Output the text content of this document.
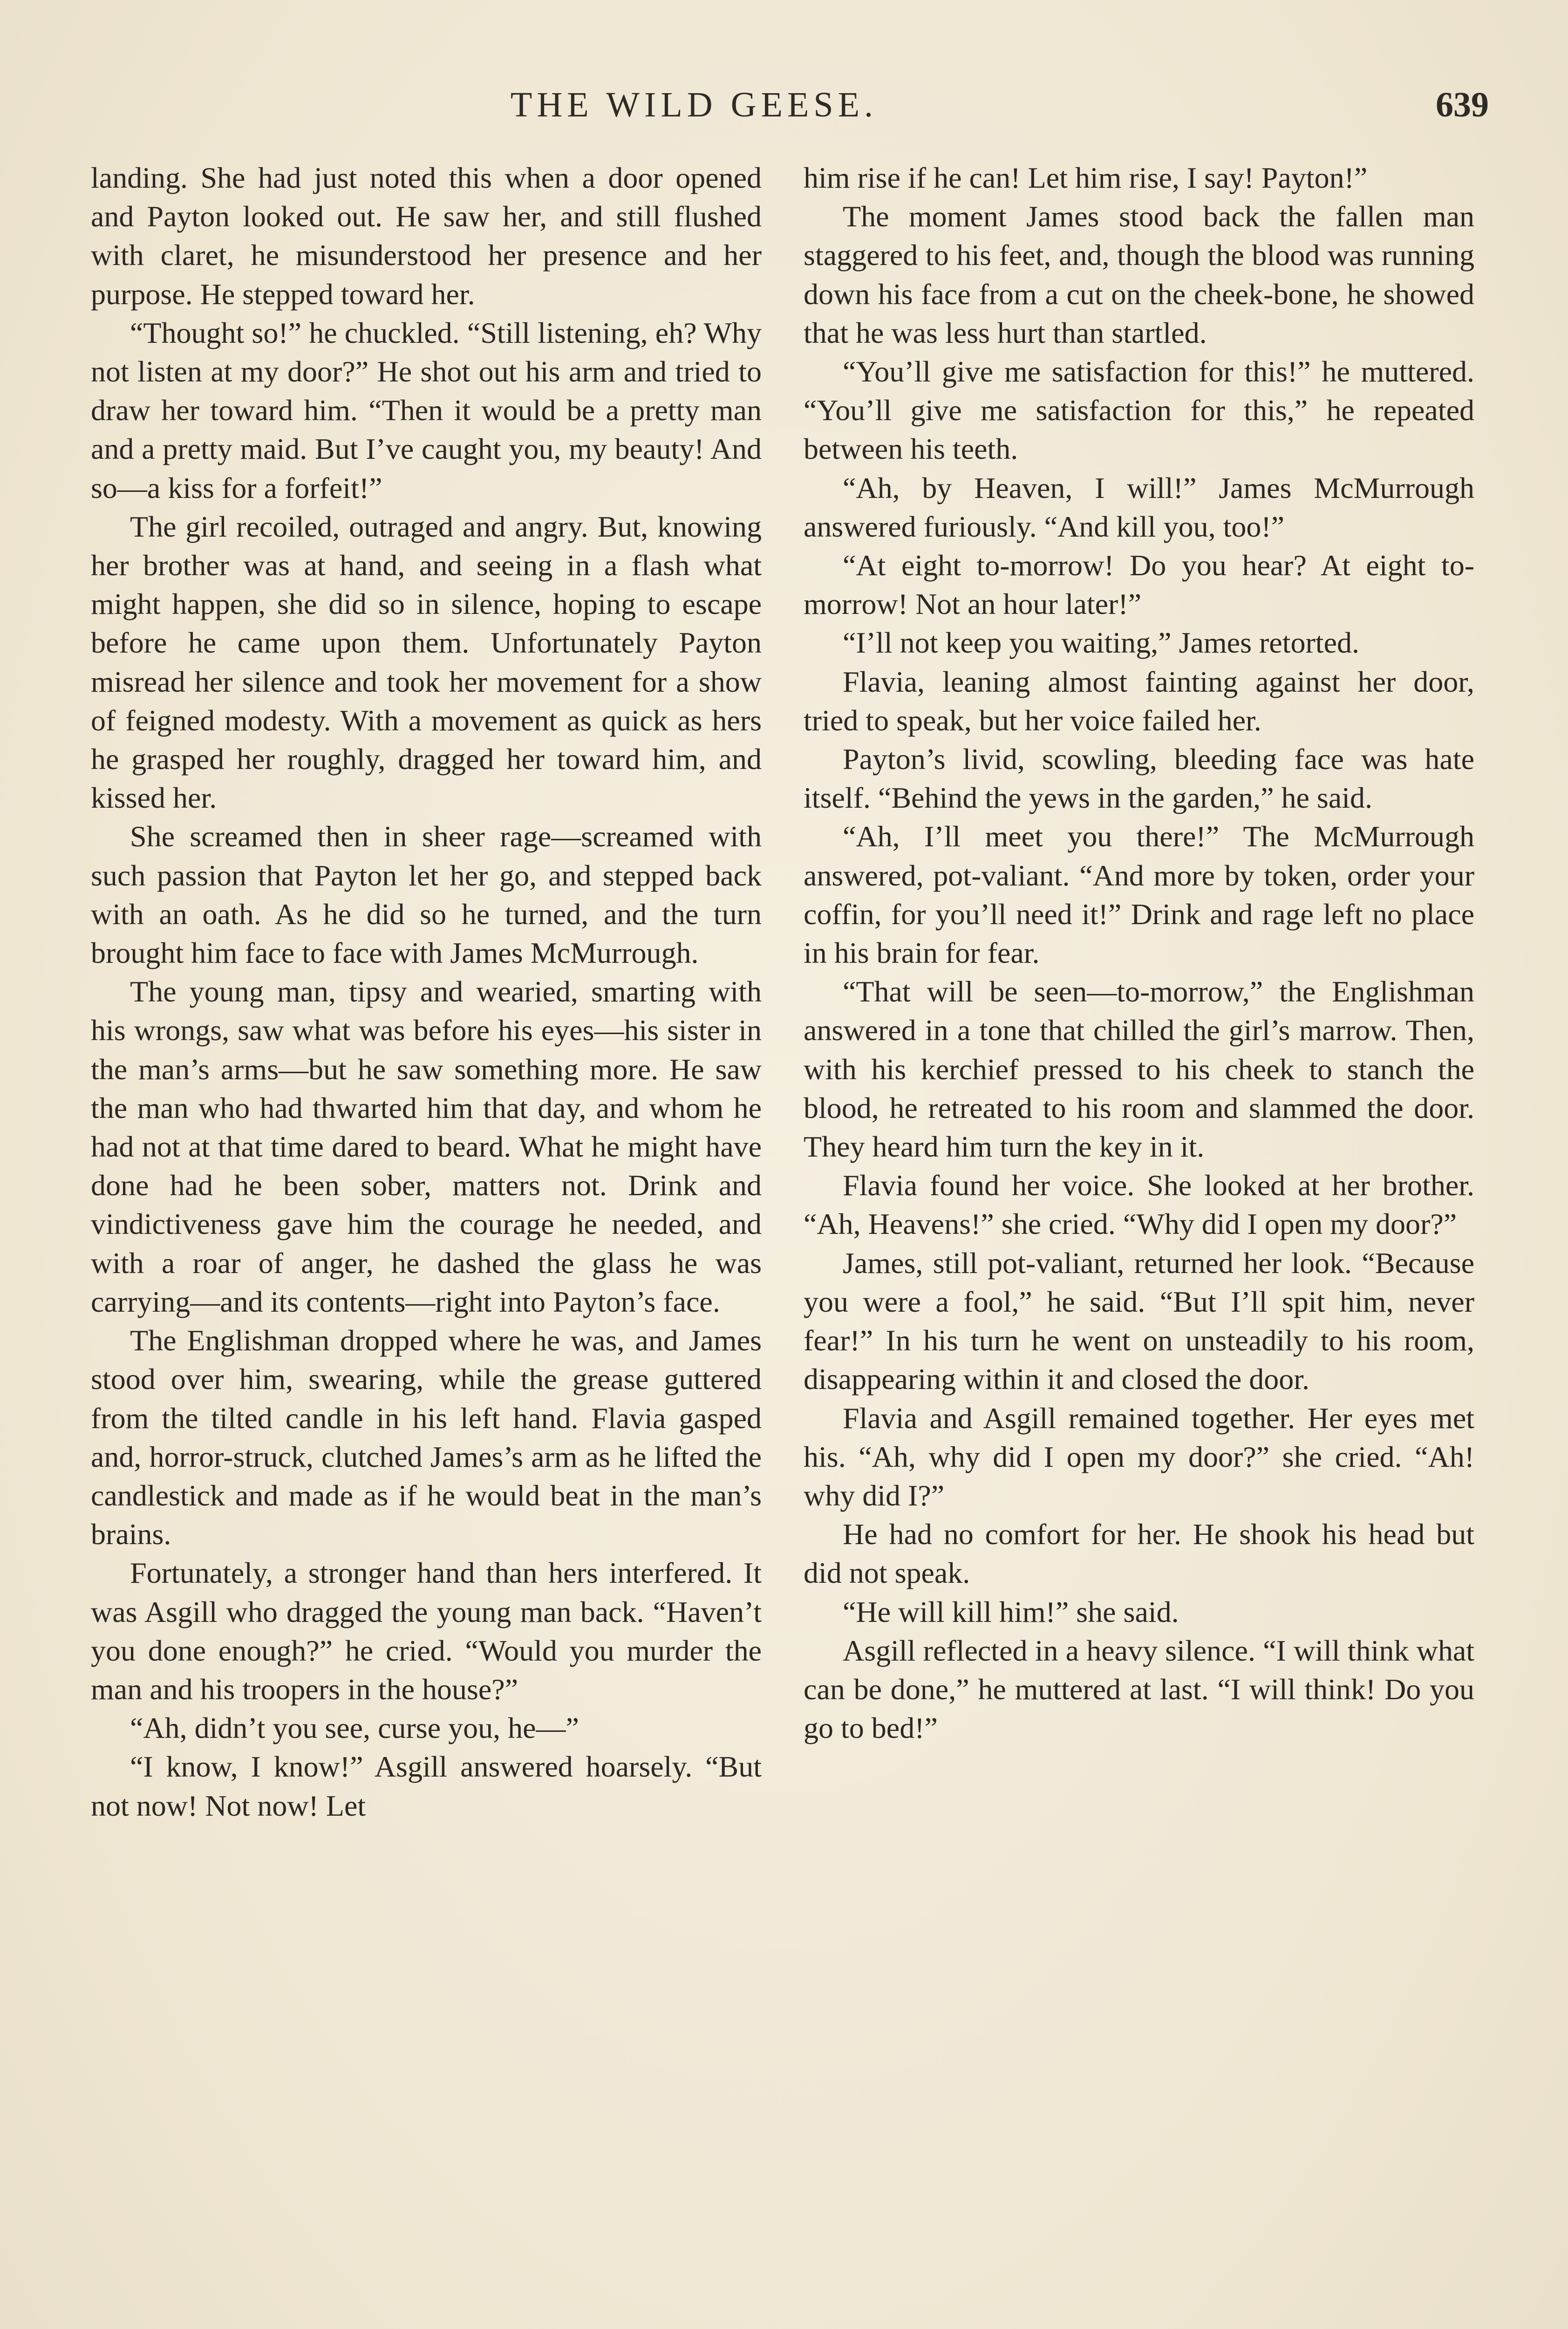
THE WILD GEESE.	639

landing. She had just noted this when a door opened and Payton looked out. He saw her, and still flushed with claret, he misunderstood her presence and her purpose. He stepped toward her.

“Thought so!” he chuckled. “Still listening, eh? Why not listen at my door?” He shot out his arm and tried to draw her toward him. “Then it would be a pretty man and a pretty maid. But I’ve caught you, my beauty! And so—a kiss for a forfeit!”

The girl recoiled, outraged and angry. But, knowing her brother was at hand, and seeing in a flash what might happen, she did so in silence, hoping to escape before he came upon them. Unfortunately Payton misread her silence and took her movement for a show of feigned modesty. With a movement as quick as hers he grasped her roughly, dragged her toward him, and kissed her.

She screamed then in sheer rage—screamed with such passion that Payton let her go, and stepped back with an oath. As he did so he turned, and the turn brought him face to face with James McMurrough.

The young man, tipsy and wearied, smarting with his wrongs, saw what was before his eyes—his sister in the man’s arms—but he saw something more. He saw the man who had thwarted him that day, and whom he had not at that time dared to beard. What he might have done had he been sober, matters not. Drink and vindictiveness gave him the courage he needed, and with a roar of anger, he dashed the glass he was carrying—and its contents—right into Payton’s face.

The Englishman dropped where he was, and James stood over him, swearing, while the grease guttered from the tilted candle in his left hand. Flavia gasped and, horror-struck, clutched James’s arm as he lifted the candlestick and made as if he would beat in the man’s brains.

Fortunately, a stronger hand than hers interfered. It was Asgill who dragged the young man back. “Haven’t you done enough?” he cried. “Would you murder the man and his troopers in the house?”

“Ah, didn’t you see, curse you, he—”

“I know, I know!” Asgill answered hoarsely. “But not now! Not now! Let

him rise if he can! Let him rise, I say! Payton!”

The moment James stood back the fallen man staggered to his feet, and, though the blood was running down his face from a cut on the cheek-bone, he showed that he was less hurt than startled.

“You’ll give me satisfaction for this!” he muttered. “You’ll give me satisfaction for this,” he repeated between his teeth.

“Ah, by Heaven, I will!” James McMurrough answered furiously. “And kill you, too!”

“At eight to-morrow! Do you hear? At eight to-morrow! Not an hour later!”

“I’ll not keep you waiting,” James retorted.

Flavia, leaning almost fainting against her door, tried to speak, but her voice failed her.

Payton’s livid, scowling, bleeding face was hate itself. “Behind the yews in the garden,” he said.

“Ah, I’ll meet you there!” The McMurrough answered, pot-valiant. “And more by token, order your coffin, for you’ll need it!” Drink and rage left no place in his brain for fear.

“That will be seen—to-morrow,” the Englishman answered in a tone that chilled the girl’s marrow. Then, with his kerchief pressed to his cheek to stanch the blood, he retreated to his room and slammed the door. They heard him turn the key in it.

Flavia found her voice. She looked at her brother. “Ah, Heavens!” she cried. “Why did I open my door?”

James, still pot-valiant, returned her look. “Because you were a fool,” he said. “But I’ll spit him, never fear!” In his turn he went on unsteadily to his room, disappearing within it and closed the door.

Flavia and Asgill remained together. Her eyes met his. “Ah, why did I open my door?” she cried. “Ah! why did I?”

He had no comfort for her. He shook his head but did not speak.

“He will kill him!” she said.

Asgill reflected in a heavy silence. “I will think what can be done,” he muttered at last. “I will think! Do you go to bed!”
